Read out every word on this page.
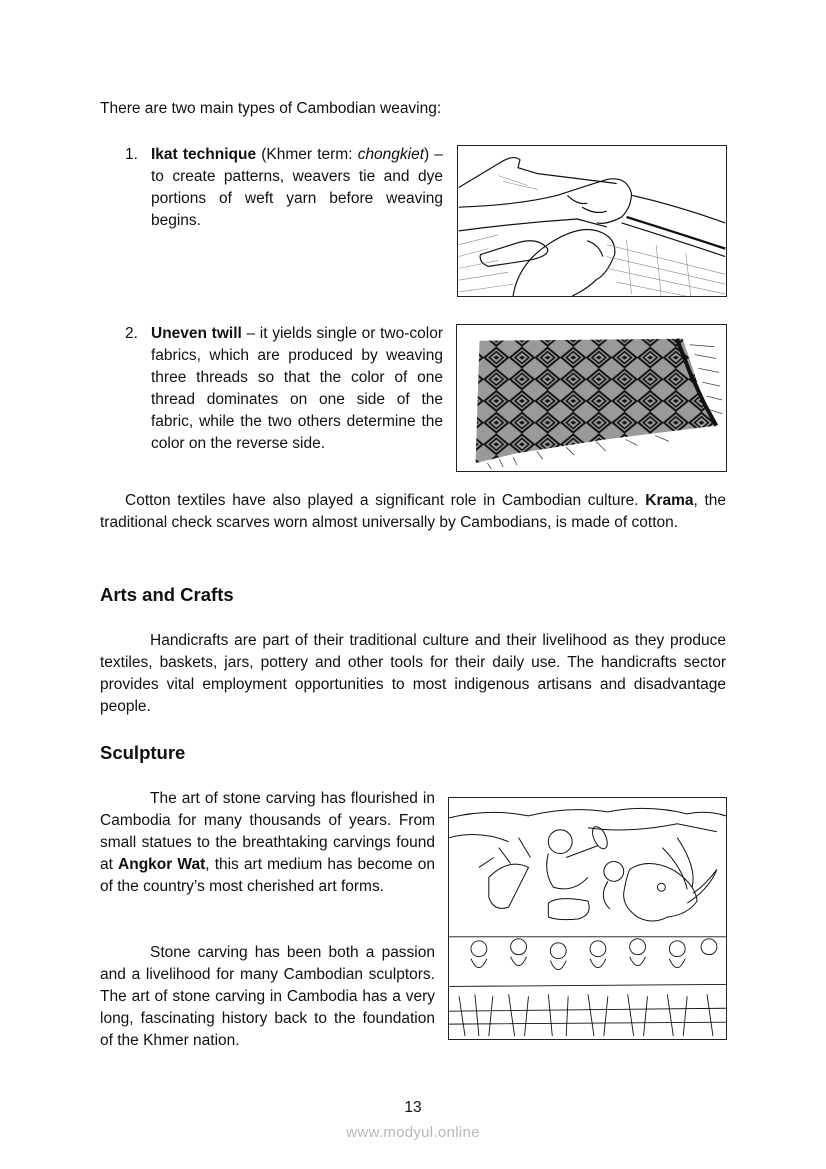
There are two main types of Cambodian weaving:

1. Ikat technique (Khmer term: chongkiet) – to create patterns, weavers tie and dye portions of weft yarn before weaving begins.

2. Uneven twill – it yields single or two-color fabrics, which are produced by weaving three threads so that the color of one thread dominates on one side of the fabric, while the two others determine the color on the reverse side.

Cotton textiles have also played a significant role in Cambodian culture. Krama, the traditional check scarves worn almost universally by Cambodians, is made of cotton.

Arts and Crafts

Handicrafts are part of their traditional culture and their livelihood as they produce textiles, baskets, jars, pottery and other tools for their daily use. The handicrafts sector provides vital employment opportunities to most indigenous artisans and disadvantage people.

Sculpture

The art of stone carving has flourished in Cambodia for many thousands of years. From small statues to the breathtaking carvings found at Angkor Wat, this art medium has become on of the country’s most cherished art forms.

Stone carving has been both a passion and a livelihood for many Cambodian sculptors. The art of stone carving in Cambodia has a very long, fascinating history back to the foundation of the Khmer nation.

13
www.modyul.online
